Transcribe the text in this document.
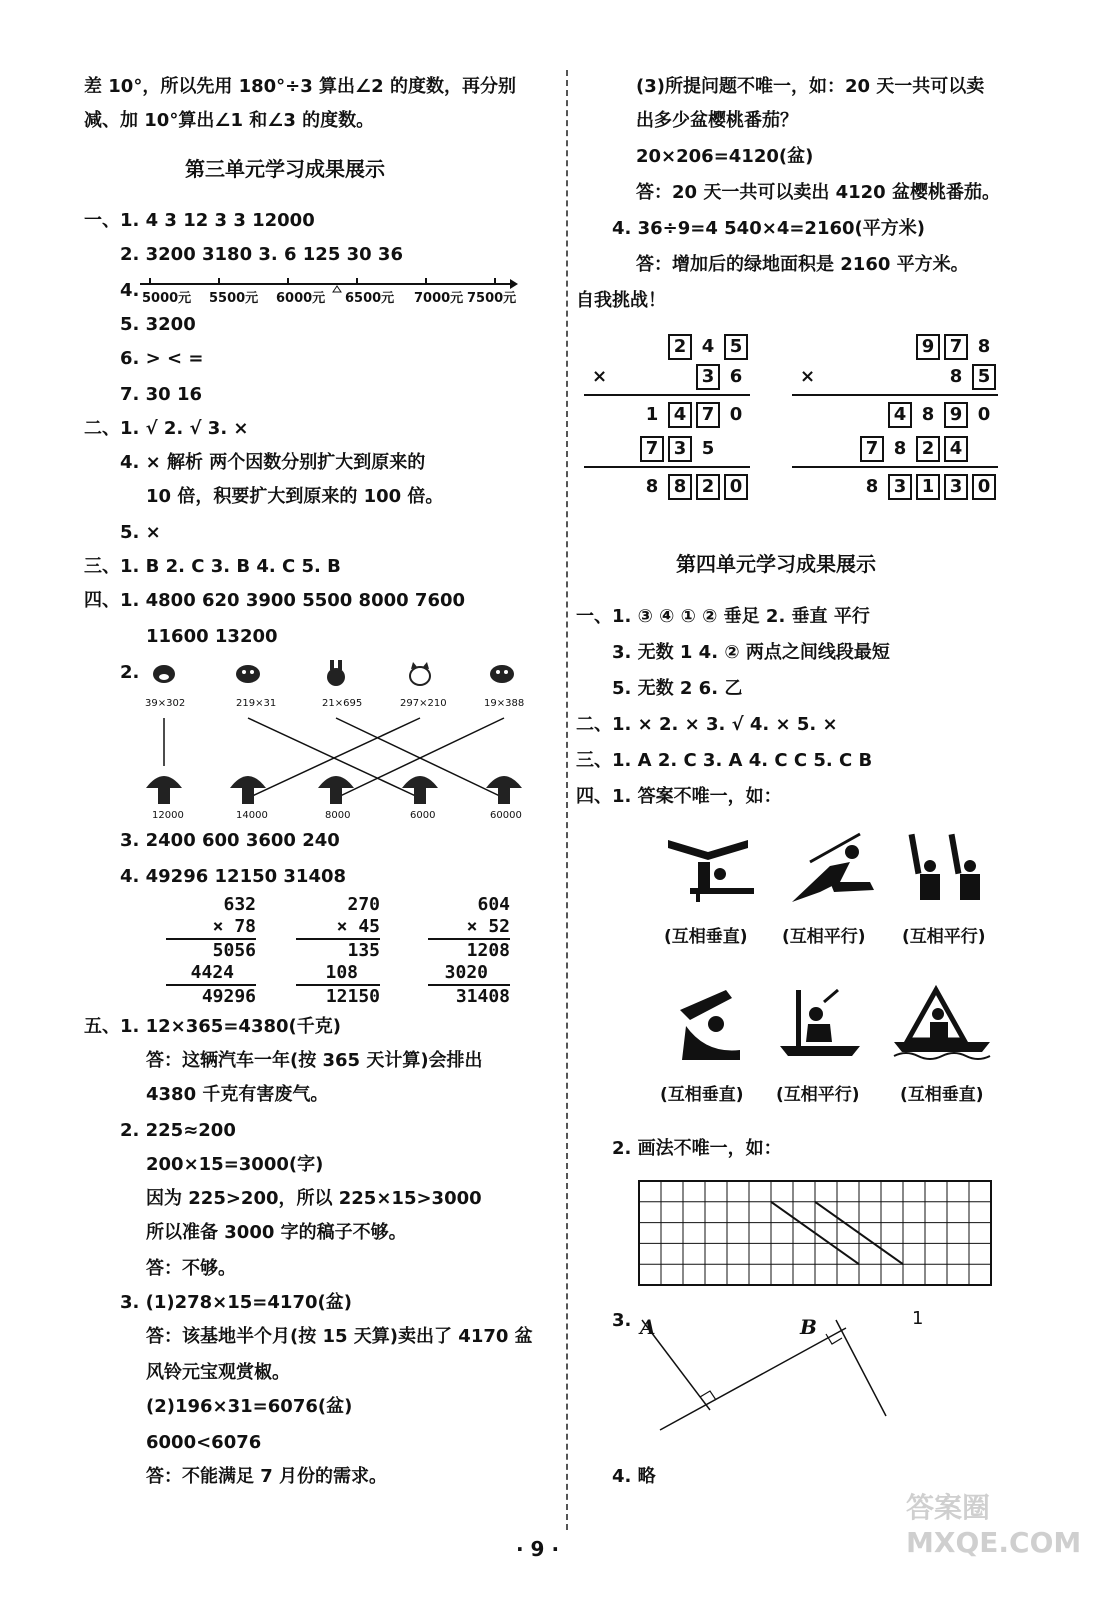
差 10°，所以先用 180°÷3 算出∠2 的度数，再分别
减、加 10°算出∠1 和∠3 的度数。
第三单元学习成果展示
一、1. 4 3 12 3 3 12000
2. 3200 3180 3. 6 125 30 36
4. 5000元 5500元 6000元 6500元 7000元 7500元
5. 3200
6. > < =
7. 30 16
二、1. √ 2. √ 3. ×
4. × 解析 两个因数分别扩大到原来的
10 倍，积要扩大到原来的 100 倍。
5. ×
三、1. B 2. C 3. B 4. C 5. B
四、1. 4800 620 3900 5500 8000 7600
11600 13200
2.
39×302	219×31	21×695	297×210	19×388
12000	14000	8000	6000	60000
3. 2400 600 3600 240
4. 49296 12150 31408
632
× 78
5056
4424
49296
270
× 45
135
108
12150
604
× 52
1208
3020
31408
五、1. 12×365=4380(千克)
答：这辆汽车一年(按 365 天计算)会排出
4380 千克有害废气。
2. 225≈200
200×15=3000(字)
因为 225>200，所以 225×15>3000
所以准备 3000 字的稿子不够。
答：不够。
3. (1)278×15=4170(盆)
答：该基地半个月(按 15 天算)卖出了 4170 盆
风铃元宝观赏椒。
(2)196×31=6076(盆)
6000<6076
答：不能满足 7 月份的需求。
(3)所提问题不唯一，如：20 天一共可以卖
出多少盆樱桃番茄？
20×206=4120(盆)
答：20 天一共可以卖出 4120 盆樱桃番茄。
4. 36÷9=4 540×4=2160(平方米)
答：增加后的绿地面积是 2160 平方米。
自我挑战！
2 4 5
×	3 6
1 4 7 0
7 3 5
8 8 2 0
9 7 8
×	8 5
4 8 9 0
7 8 2 4
8 3 1 3 0
第四单元学习成果展示
一、1. ③ ④ ① ② 垂足 2. 垂直 平行
3. 无数 1 4. ② 两点之间线段最短
5. 无数 2 6. 乙
二、1. × 2. × 3. √ 4. × 5. ×
三、1. A 2. C 3. A 4. C C 5. C B
四、1. 答案不唯一，如：
(互相垂直) (互相平行) (互相平行)
(互相垂直) (互相平行) (互相垂直)
2. 画法不唯一，如：
3. A	B	1
4. 略
· 9 ·
答案圈 MXQE.COM
